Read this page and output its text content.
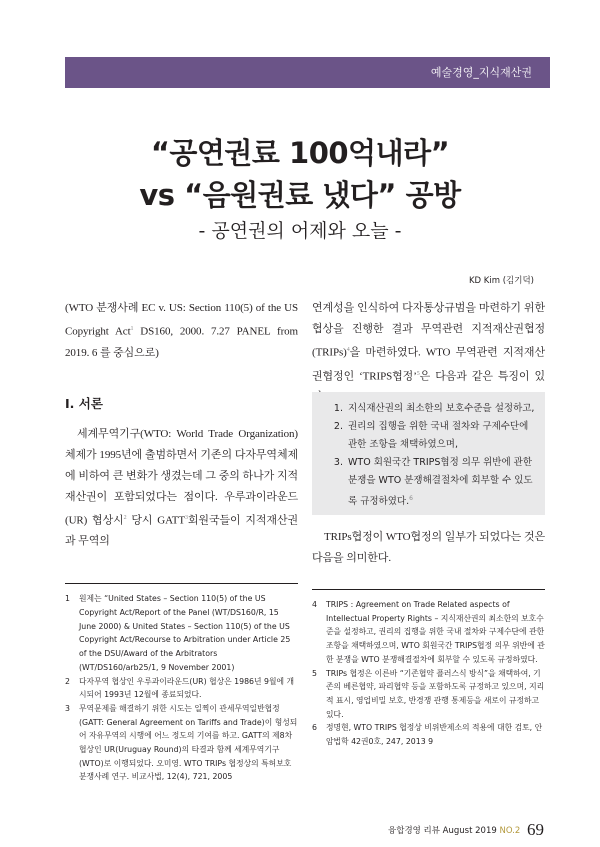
예술경영_지식재산권
“공연권료 100억내라”
vs “음원권료 냈다” 공방
- 공연권의 어제와 오늘 -
KD Kim (김기덕)

(WTO 분쟁사례 EC v. US: Section 110(5) of the US Copyright Act$^1$ DS160, 2000. 7.27 PANEL from 2019. 6 를 중심으로)

I. 서론

세계무역기구(WTO: World Trade Organization) 체제가 1995년에 출범하면서 기존의 다자무역체제에 비하여 큰 변화가 생겼는데 그 중의 하나가 지적재산권이 포함되었다는 점이다. 우루과이라운드(UR) 협상시$^2$ 당시 GATT$^3$회원국들이 지적재산권과 무역의

1 원제는 “United States – Section 110(5) of the US Copyright Act/Report of the Panel (WT/DS160/R, 15 June 2000) & United States – Section 110(5) of the US Copyright Act/Recourse to Arbitration under Article 25 of the DSU/Award of the Arbitrators (WT/DS160/arb25/1, 9 November 2001)

2 다자무역 협상인 우루과이라운드(UR) 협상은 1986년 9월에 개시되어 1993년 12월에 종료되었다.

3 무역문제를 해결하기 위한 시도는 일찍이 관세무역일반협정(GATT: General Agreement on Tariffs and Trade)이 형성되어 자유무역의 시행에 어느 정도의 기여를 하고. GATT의 제8차 협상인 UR(Uruguay Round)의 타결과 함께 세계무역기구(WTO)로 이행되었다. 오미영. WTO TRIPs 협정상의 특허보호 분쟁사례 연구. 비교사법, 12(4), 721, 2005

연계성을 인식하여 다자통상규범을 마련하기 위한 협상을 진행한 결과 무역관련 지적재산권협정(TRIPs)$^4$을 마련하였다. WTO 무역관련 지적재산권협정인 ‘TRIPS협정’$^5$은 다음과 같은 특징이 있

1. 지식재산권의 최소한의 보호수준을 설정하고,
2. 권리의 집행을 위한 국내 절차와 구제수단에 관한 조항을 채택하였으며,
3. WTO 회원국간 TRIPS협정 의무 위반에 관한 분쟁을 WTO 분쟁해결절차에 회부할 수 있도록 규정하였다.$^6$

TRIPs협정이 WTO협정의 일부가 되었다는 것은 다음을 의미한다.

4 TRIPS : Agreement on Trade Related aspects of Intellectual Property Rights – 지식재산권의 최소한의 보호수준을 설정하고, 권리의 집행을 위한 국내 절차와 구제수단에 관한 조항을 채택하였으며, WTO 회원국간 TRIPS협정 의무 위반에 관한 분쟁을 WTO 분쟁해결절차에 회부할 수 있도록 규정하였다.

5 TRIPs 협정은 이른바 “기존협약 플러스식 방식”을 채택하여, 기존의 베른협약, 파리협약 등을 포함하도록 규정하고 있으며, 지리적 표시, 영업비밀 보호, 반경쟁 관행 통제등을 새로이 규정하고 있다.

6 정명현, WTO TRIPS 협정상 비위반제소의 적용에 대한 검토, 안암법학 42권0호, 247, 2013 9

융합경영 리뷰 August 2019 NO.2 69
